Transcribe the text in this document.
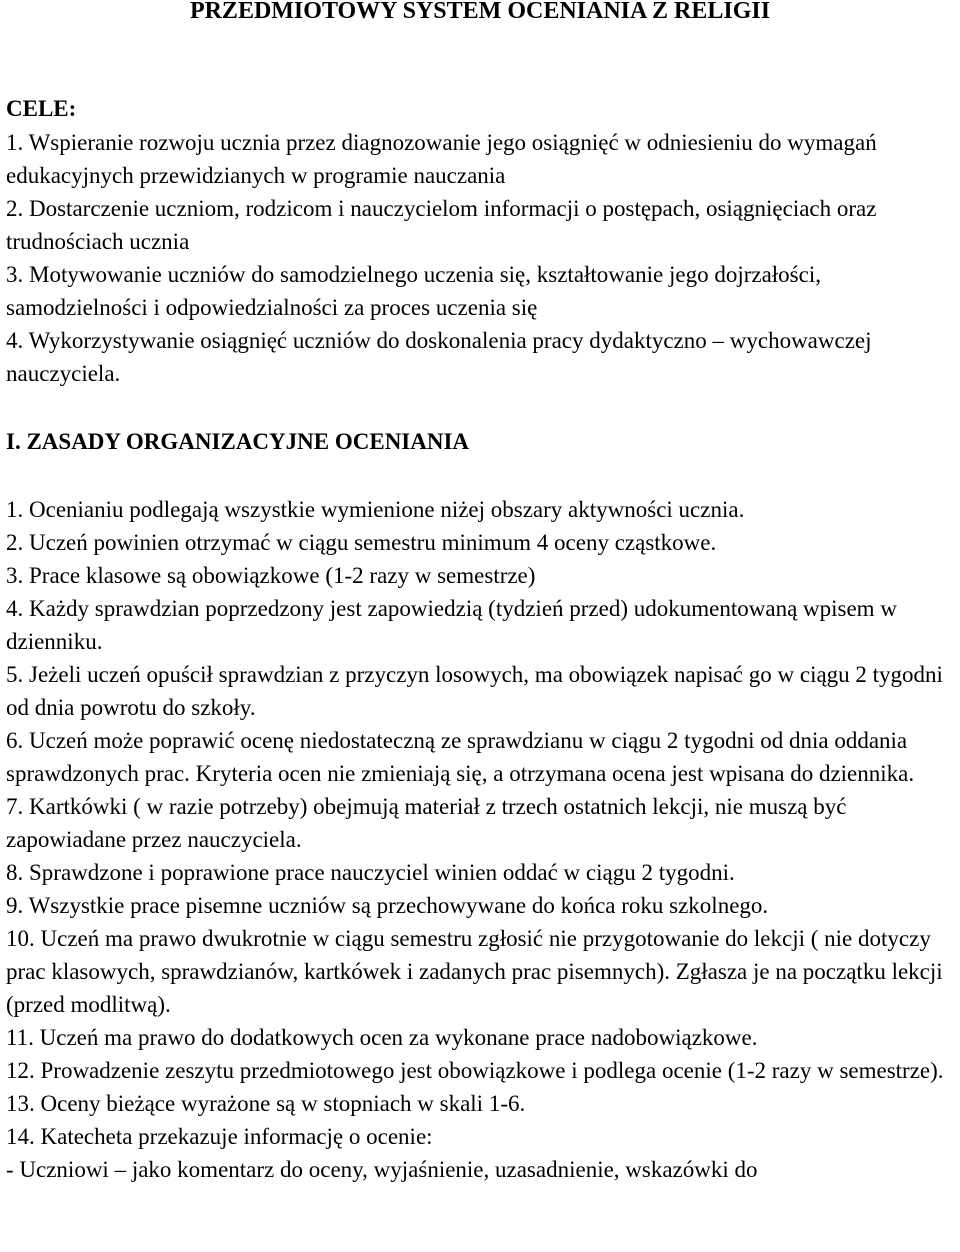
PRZEDMIOTOWY SYSTEM OCENIANIA Z RELIGII
CELE:

1. Wspieranie rozwoju ucznia przez diagnozowanie jego osiągnięć w odniesieniu do wymagań edukacyjnych przewidzianych w programie nauczania

2. Dostarczenie uczniom, rodzicom i nauczycielom informacji o postępach, osiągnięciach oraz trudnościach ucznia

3. Motywowanie uczniów do samodzielnego uczenia się, kształtowanie jego dojrzałości, samodzielności i odpowiedzialności za proces uczenia się

4. Wykorzystywanie osiągnięć uczniów do doskonalenia pracy dydaktyczno – wychowawczej nauczyciela.

I. ZASADY ORGANIZACYJNE OCENIANIA

1. Ocenianiu podlegają wszystkie wymienione niżej obszary aktywności ucznia.

2. Uczeń powinien otrzymać w ciągu semestru minimum 4 oceny cząstkowe.

3. Prace klasowe są obowiązkowe (1-2 razy w semestrze)

4. Każdy sprawdzian poprzedzony jest zapowiedzią (tydzień przed) udokumentowaną wpisem w dzienniku.

5. Jeżeli uczeń opuścił sprawdzian z przyczyn losowych, ma obowiązek napisać go w ciągu 2 tygodni od dnia powrotu do szkoły.

6. Uczeń może poprawić ocenę niedostateczną ze sprawdzianu w ciągu 2 tygodni od dnia oddania sprawdzonych prac. Kryteria ocen nie zmieniają się, a otrzymana ocena jest wpisana do dziennika.

7. Kartkówki ( w razie potrzeby) obejmują materiał z trzech ostatnich lekcji, nie muszą być zapowiadane przez nauczyciela.

8. Sprawdzone i poprawione prace nauczyciel winien oddać w ciągu 2 tygodni.

9. Wszystkie prace pisemne uczniów są przechowywane do końca roku szkolnego.

10. Uczeń ma prawo dwukrotnie w ciągu semestru zgłosić nie przygotowanie do lekcji ( nie dotyczy prac klasowych, sprawdzianów, kartkówek i zadanych prac pisemnych). Zgłasza je na początku lekcji (przed modlitwą).

11. Uczeń ma prawo do dodatkowych ocen za wykonane prace nadobowiązkowe.

12. Prowadzenie zeszytu przedmiotowego jest obowiązkowe i podlega ocenie (1-2 razy w semestrze).

13. Oceny bieżące wyrażone są w stopniach w skali 1-6.

14. Katecheta przekazuje informację o ocenie:

- Uczniowi – jako komentarz do oceny, wyjaśnienie, uzasadnienie, wskazówki do
